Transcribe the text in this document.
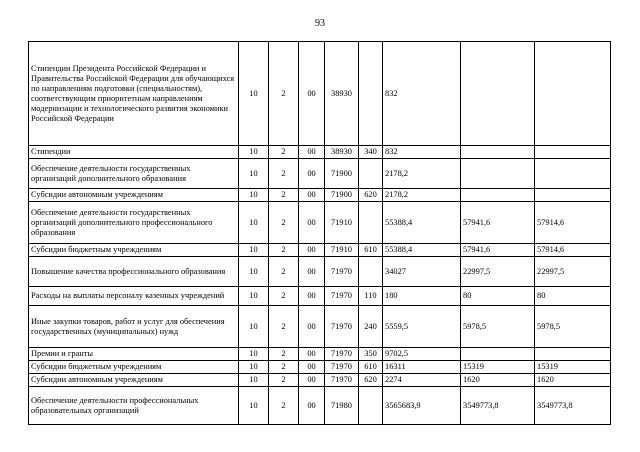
93
Стипендии Президента Российской Федерации и Правительства Российской Федерации для обучающихся по направлениям подготовки (специальностям), соответствующим приоритетным направлениям модернизации и технологического развития экономики Российской Федерации	10	2	00	38930		832		
Стипендии	10	2	00	38930	340	832		
Обеспечение деятельности государственных организаций дополнительного образования	10	2	00	71900		2178,2		
Субсидии автономным учреждениям	10	2	00	71900	620	2178,2		
Обеспечение деятельности государственных организаций дополнительного профессионального образования	10	2	00	71910		55388,4	57941,6	57914,6
Субсидии бюджетным учреждениям	10	2	00	71910	610	55388,4	57941,6	57914,6
Повышение качества профессионального образования	10	2	00	71970		34027	22997,5	22997,5
Расходы на выплаты персоналу казенных учреждений	10	2	00	71970	110	180	80	80
Иные закупки товаров, работ и услуг для обеспечения государственных (муниципальных) нужд	10	2	00	71970	240	5559,5	5978,5	5978,5
Премии и гранты	10	2	00	71970	350	9702,5		
Субсидии бюджетным учреждениям	10	2	00	71970	610	16311	15319	15319
Субсидии автономным учреждениям	10	2	00	71970	620	2274	1620	1620
Обеспечение деятельности профессиональных образовательных организаций	10	2	00	71980		3565683,9	3549773,8	3549773,8
